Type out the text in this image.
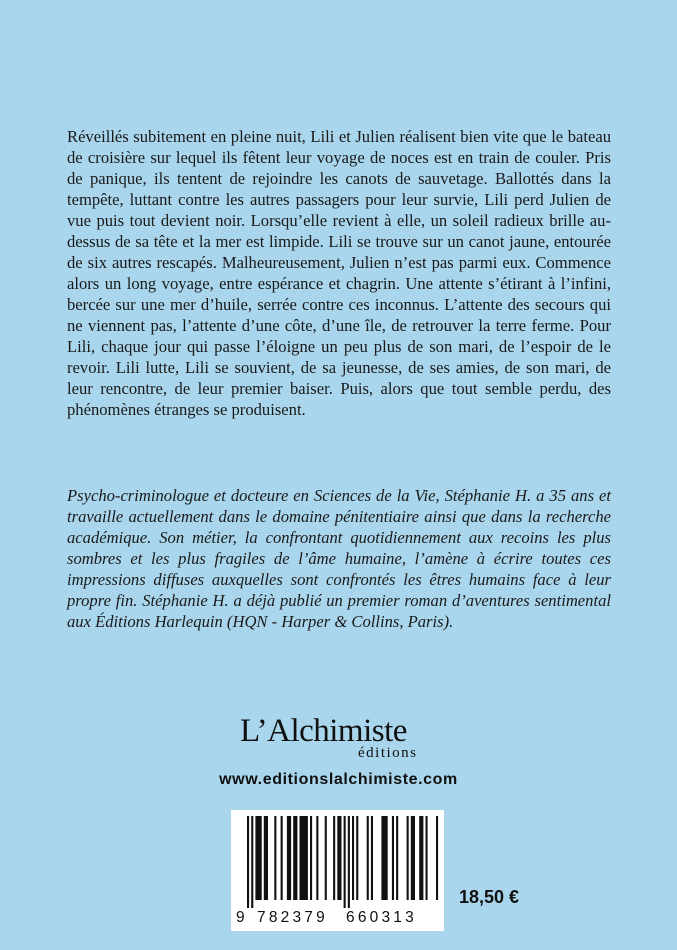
Réveillés subitement en pleine nuit, Lili et Julien réalisent bien vite que le bateau de croisière sur lequel ils fêtent leur voyage de noces est en train de couler. Pris de panique, ils tentent de rejoindre les canots de sauvetage. Ballottés dans la tempête, luttant contre les autres passagers pour leur survie, Lili perd Julien de vue puis tout devient noir. Lorsqu’elle revient à elle, un soleil radieux brille au-dessus de sa tête et la mer est limpide. Lili se trouve sur un canot jaune, entourée de six autres rescapés. Malheureusement, Julien n’est pas parmi eux. Commence alors un long voyage, entre espérance et chagrin. Une attente s’étirant à l’infini, bercée sur une mer d’huile, serrée contre ces inconnus. L’attente des secours qui ne viennent pas, l’attente d’une côte, d’une île, de retrouver la terre ferme. Pour Lili, chaque jour qui passe l’éloigne un peu plus de son mari, de l’espoir de le revoir. Lili lutte, Lili se souvient, de sa jeunesse, de ses amies, de son mari, de leur rencontre, de leur premier baiser. Puis, alors que tout semble perdu, des phénomènes étranges se produisent.

Psycho-criminologue et docteure en Sciences de la Vie, Stéphanie H. a 35 ans et travaille actuellement dans le domaine pénitentiaire ainsi que dans la recherche académique. Son métier, la confrontant quotidiennement aux recoins les plus sombres et les plus fragiles de l’âme humaine, l’amène à écrire toutes ces impressions diffuses auxquelles sont confrontés les êtres humains face à leur propre fin. Stéphanie H. a déjà publié un premier roman d’aventures sentimental aux Éditions Harlequin (HQN - Harper & Collins, Paris).

L’Alchimiste
éditions
www.editionslalchimiste.com
9 782379 660313
18,50 €
